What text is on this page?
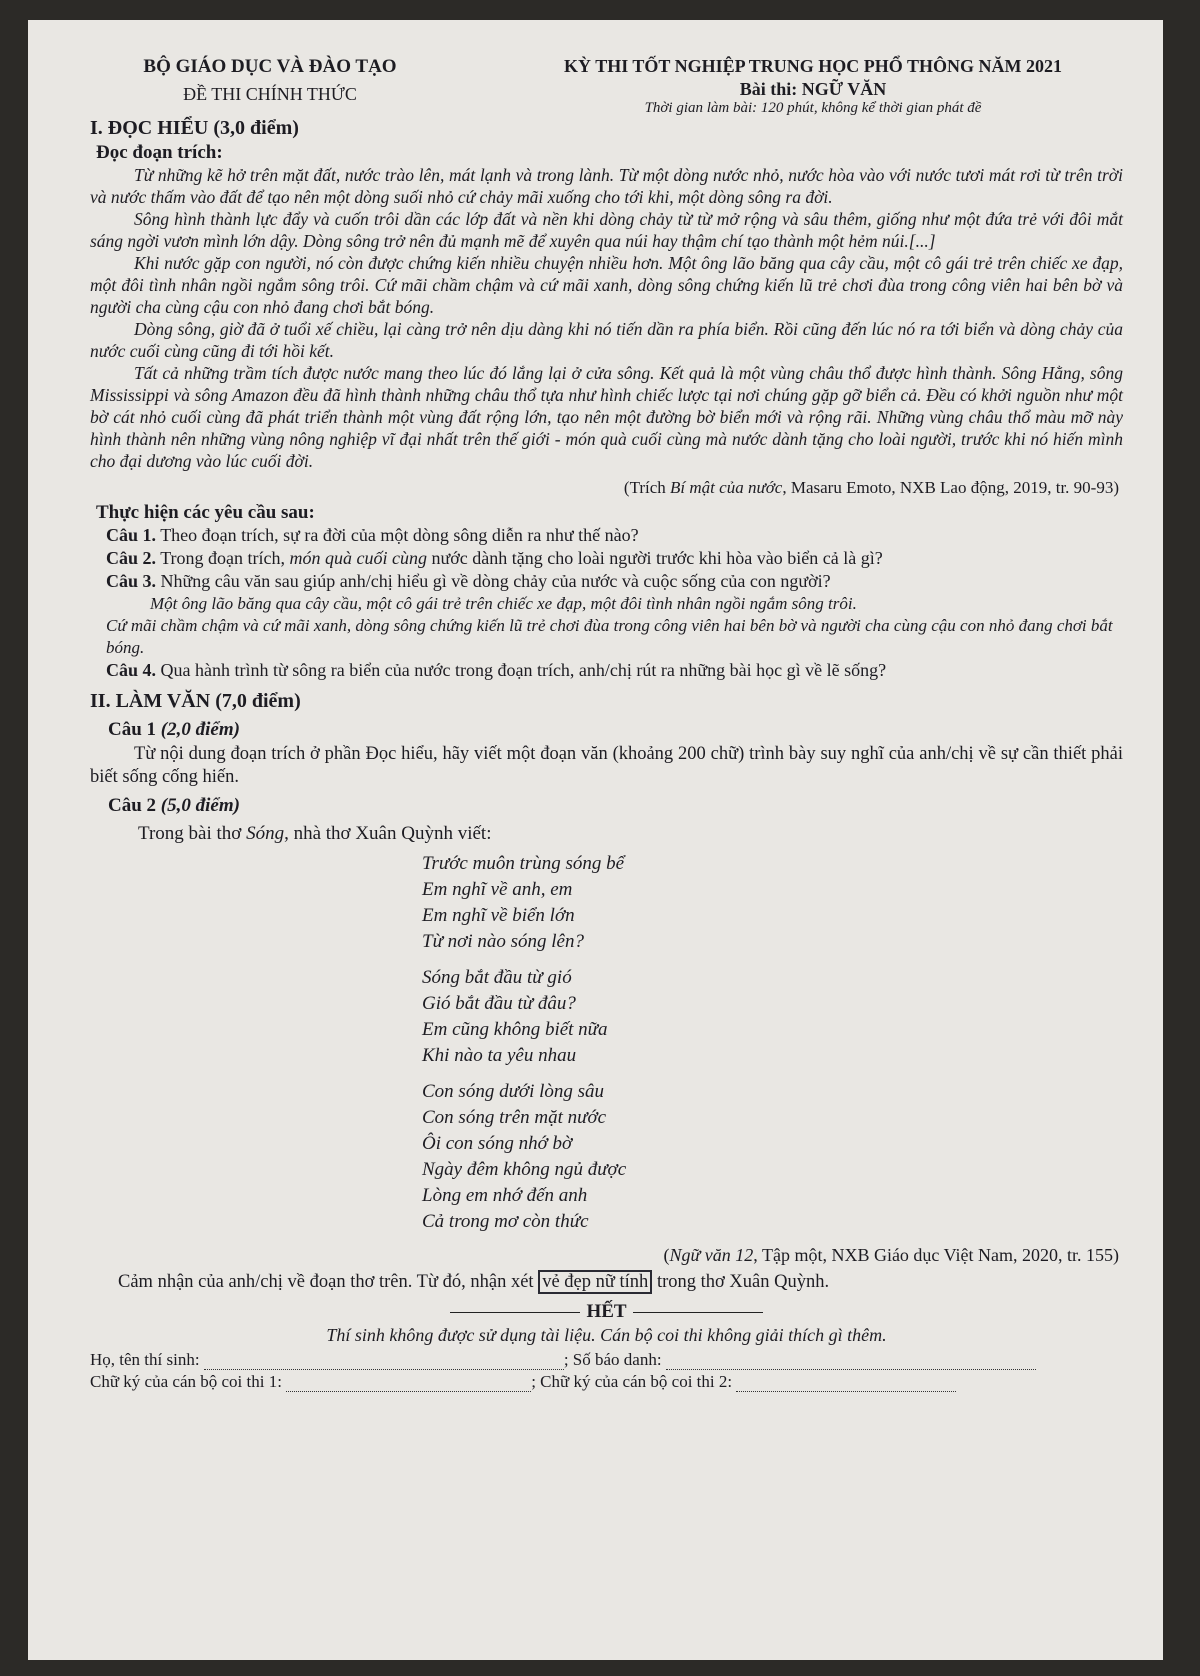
BỘ GIÁO DỤC VÀ ĐÀO TẠO
ĐỀ THI CHÍNH THỨC
KỲ THI TỐT NGHIỆP TRUNG HỌC PHỔ THÔNG NĂM 2021
Bài thi: NGỮ VĂN
Thời gian làm bài: 120 phút, không kể thời gian phát đề
I. ĐỌC HIỂU (3,0 điểm)
Đọc đoạn trích:

Từ những kẽ hở trên mặt đất, nước trào lên, mát lạnh và trong lành. Từ một dòng nước nhỏ, nước hòa vào với nước tươi mát rơi từ trên trời và nước thấm vào đất để tạo nên một dòng suối nhỏ cứ chảy mãi xuống cho tới khi, một dòng sông ra đời.

Sông hình thành lực đẩy và cuốn trôi dần các lớp đất và nền khi dòng chảy từ từ mở rộng và sâu thêm, giống như một đứa trẻ với đôi mắt sáng ngời vươn mình lớn dậy. Dòng sông trở nên đủ mạnh mẽ để xuyên qua núi hay thậm chí tạo thành một hẻm núi.[...]

Khi nước gặp con người, nó còn được chứng kiến nhiều chuyện nhiều hơn. Một ông lão băng qua cây cầu, một cô gái trẻ trên chiếc xe đạp, một đôi tình nhân ngồi ngắm sông trôi. Cứ mãi chầm chậm và cứ mãi xanh, dòng sông chứng kiến lũ trẻ chơi đùa trong công viên hai bên bờ và người cha cùng cậu con nhỏ đang chơi bắt bóng.

Dòng sông, giờ đã ở tuổi xế chiều, lại càng trở nên dịu dàng khi nó tiến dần ra phía biển. Rồi cũng đến lúc nó ra tới biển và dòng chảy của nước cuối cùng cũng đi tới hồi kết.

Tất cả những trầm tích được nước mang theo lúc đó lắng lại ở cửa sông. Kết quả là một vùng châu thổ được hình thành. Sông Hằng, sông Mississippi và sông Amazon đều đã hình thành những châu thổ tựa như hình chiếc lược tại nơi chúng gặp gỡ biển cả. Đều có khởi nguồn như một bờ cát nhỏ cuối cùng đã phát triển thành một vùng đất rộng lớn, tạo nên một đường bờ biển mới và rộng rãi. Những vùng châu thổ màu mỡ này hình thành nên những vùng nông nghiệp vĩ đại nhất trên thế giới - món quà cuối cùng mà nước dành tặng cho loài người, trước khi nó hiến mình cho đại dương vào lúc cuối đời.

(Trích Bí mật của nước, Masaru Emoto, NXB Lao động, 2019, tr. 90-93)
Thực hiện các yêu cầu sau:

Câu 1. Theo đoạn trích, sự ra đời của một dòng sông diễn ra như thế nào?

Câu 2. Trong đoạn trích, món quà cuối cùng nước dành tặng cho loài người trước khi hòa vào biển cả là gì?

Câu 3. Những câu văn sau giúp anh/chị hiểu gì về dòng chảy của nước và cuộc sống của con người?

Một ông lão băng qua cây cầu, một cô gái trẻ trên chiếc xe đạp, một đôi tình nhân ngồi ngắm sông trôi.

Cứ mãi chầm chậm và cứ mãi xanh, dòng sông chứng kiến lũ trẻ chơi đùa trong công viên hai bên bờ và người cha cùng cậu con nhỏ đang chơi bắt bóng.

Câu 4. Qua hành trình từ sông ra biển của nước trong đoạn trích, anh/chị rút ra những bài học gì về lẽ sống?

II. LÀM VĂN (7,0 điểm)
Câu 1 (2,0 điểm)

Từ nội dung đoạn trích ở phần Đọc hiểu, hãy viết một đoạn văn (khoảng 200 chữ) trình bày suy nghĩ của anh/chị về sự cần thiết phải biết sống cống hiến.

Câu 2 (5,0 điểm)
Trong bài thơ Sóng, nhà thơ Xuân Quỳnh viết:
Trước muôn trùng sóng bể
Em nghĩ về anh, em
Em nghĩ về biển lớn
Từ nơi nào sóng lên?
Sóng bắt đầu từ gió
Gió bắt đầu từ đâu?
Em cũng không biết nữa
Khi nào ta yêu nhau
Con sóng dưới lòng sâu
Con sóng trên mặt nước
Ôi con sóng nhớ bờ
Ngày đêm không ngủ được
Lòng em nhớ đến anh
Cả trong mơ còn thức
(Ngữ văn 12, Tập một, NXB Giáo dục Việt Nam, 2020, tr. 155)
Cảm nhận của anh/chị về đoạn thơ trên. Từ đó, nhận xét vẻ đẹp nữ tính trong thơ Xuân Quỳnh.
HẾT
Thí sinh không được sử dụng tài liệu. Cán bộ coi thi không giải thích gì thêm.
Họ, tên thí sinh:	; Số báo danh:
Chữ ký của cán bộ coi thi 1:	; Chữ ký của cán bộ coi thi 2:
